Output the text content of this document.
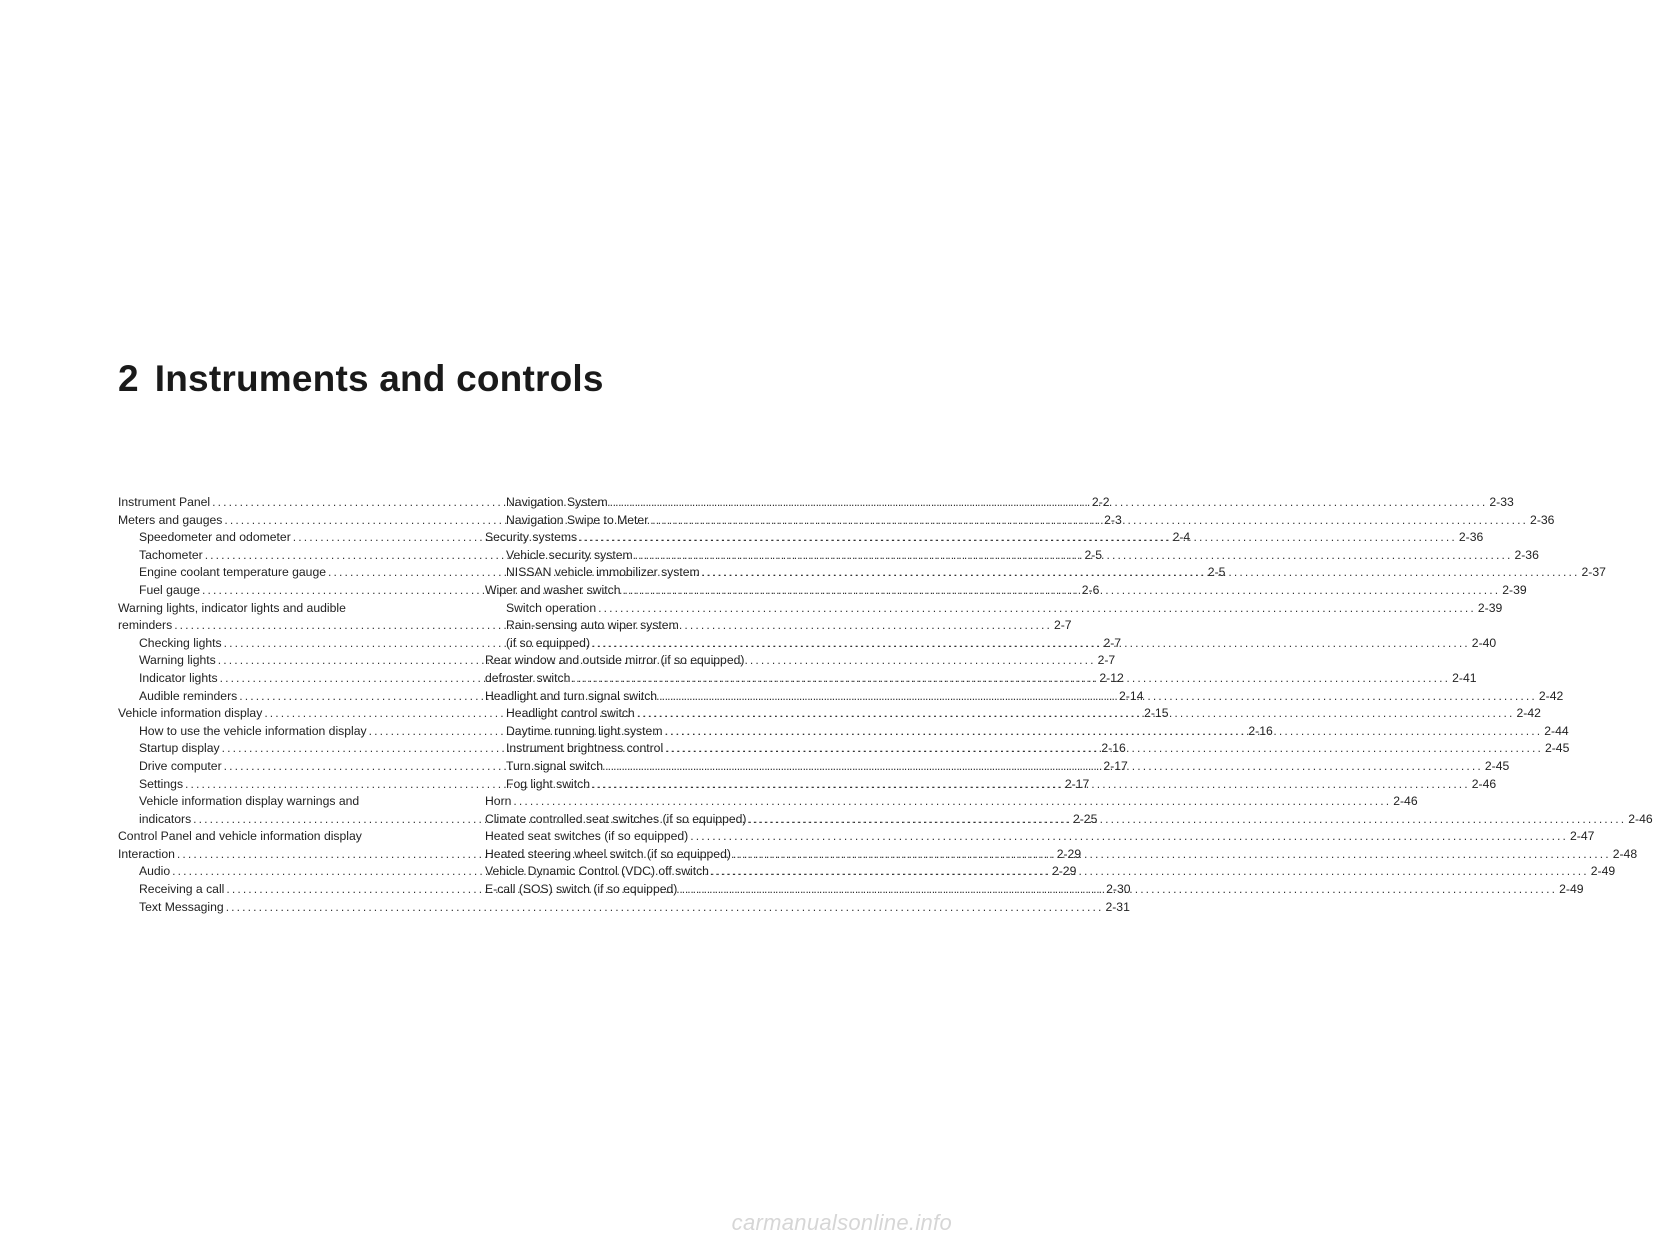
2 Instruments and controls
Instrument Panel .....	2-2
Meters and gauges .....	2-3
Speedometer and odometer .....	2-4
Tachometer .....	2-5
Engine coolant temperature gauge .....	2-5
Fuel gauge .....	2-6
Warning lights, indicator lights and audible
reminders .....	2-7
Checking lights .....	2-7
Warning lights .....	2-7
Indicator lights .....	2-12
Audible reminders .....	2-14
Vehicle information display .....	2-15
How to use the vehicle information display .....	2-16
Startup display .....	2-16
Drive computer .....	2-17
Settings .....	2-17
Vehicle information display warnings and
indicators .....	2-25
Control Panel and vehicle information display
Interaction .....	2-29
Audio .....	2-29
Receiving a call .....	2-30
Text Messaging .....	2-31
Navigation System .....	2-33
Navigation Swipe to Meter .....	2-36
Security systems .....	2-36
Vehicle security system .....	2-36
NISSAN vehicle immobilizer system .....	2-37
Wiper and washer switch .....	2-39
Switch operation .....	2-39
Rain-sensing auto wiper system
(if so equipped) .....	2-40
Rear window and outside mirror (if so equipped)
defroster switch .....	2-41
Headlight and turn signal switch .....	2-42
Headlight control switch .....	2-42
Daytime running light system .....	2-44
Instrument brightness control .....	2-45
Turn signal switch .....	2-45
Fog light switch .....	2-46
Horn .....	2-46
Climate controlled seat switches (if so equipped) .....	2-46
Heated seat switches (if so equipped) .....	2-47
Heated steering wheel switch (if so equipped) .....	2-48
Vehicle Dynamic Control (VDC) off switch .....	2-49
E-call (SOS) switch (if so equipped) .....	2-49
carmanualsonline.info
